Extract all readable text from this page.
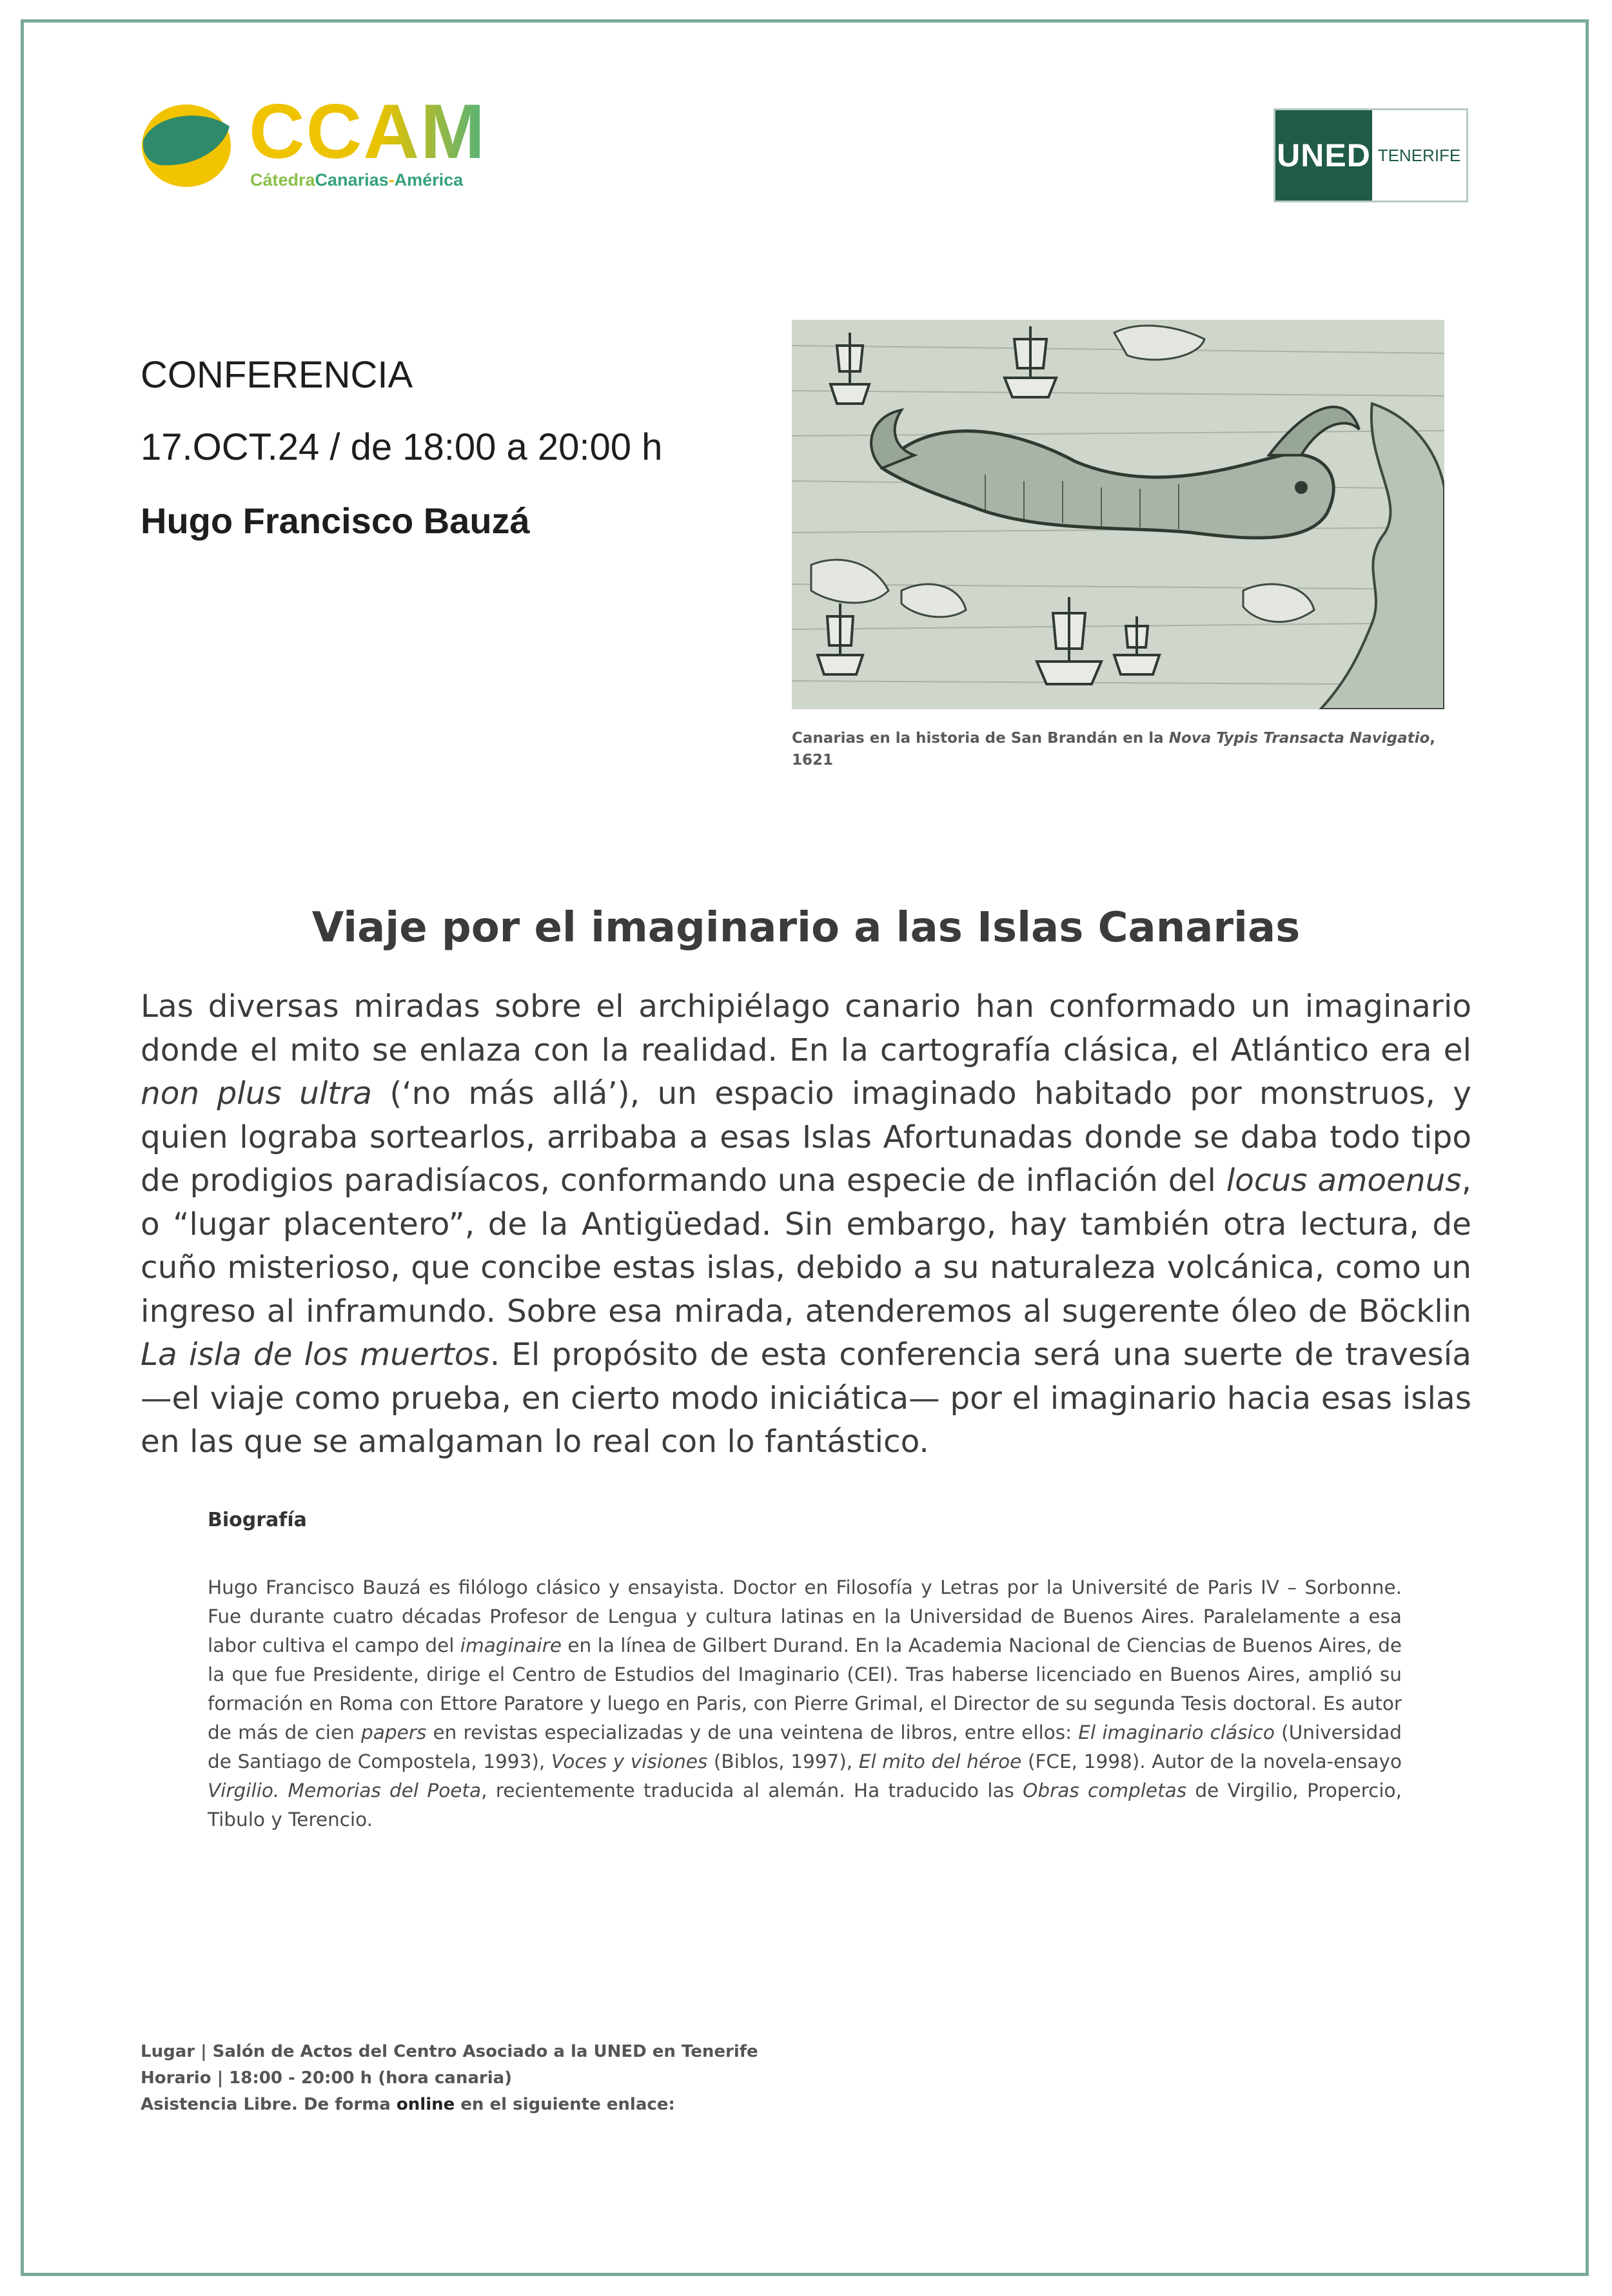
CCAM
CátedraCanarias-América
UNED TENERIFE
CONFERENCIA
17.OCT.24 / de 18:00 a 20:00 h
Hugo Francisco Bauzá
Canarias en la historia de San Brandán en la Nova Typis Transacta Navigatio, 1621
Viaje por el imaginario a las Islas Canarias
Las diversas miradas sobre el archipiélago canario han conformado un imaginario donde el mito se enlaza con la realidad. En la cartografía clásica, el Atlántico era el non plus ultra (‘no más allá’), un espacio imaginado habitado por monstruos, y quien lograba sortearlos, arribaba a esas Islas Afortunadas donde se daba todo tipo de prodigios paradisíacos, conformando una especie de inflación del locus amoenus, o “lugar placentero”, de la Antigüedad. Sin embargo, hay también otra lectura, de cuño misterioso, que concibe estas islas, debido a su naturaleza volcánica, como un ingreso al inframundo. Sobre esa mirada, atenderemos al sugerente óleo de Böcklin La isla de los muertos. El propósito de esta conferencia será una suerte de travesía —el viaje como prueba, en cierto modo iniciática— por el imaginario hacia esas islas en las que se amalgaman lo real con lo fantástico.
Biografía
Hugo Francisco Bauzá es filólogo clásico y ensayista. Doctor en Filosofía y Letras por la Université de Paris IV – Sorbonne. Fue durante cuatro décadas Profesor de Lengua y cultura latinas en la Universidad de Buenos Aires. Paralelamente a esa labor cultiva el campo del imaginaire en la línea de Gilbert Durand. En la Academia Nacional de Ciencias de Buenos Aires, de la que fue Presidente, dirige el Centro de Estudios del Imaginario (CEI). Tras haberse licenciado en Buenos Aires, amplió su formación en Roma con Ettore Paratore y luego en Paris, con Pierre Grimal, el Director de su segunda Tesis doctoral. Es autor de más de cien papers en revistas especializadas y de una veintena de libros, entre ellos: El imaginario clásico (Universidad de Santiago de Compostela, 1993), Voces y visiones (Biblos, 1997), El mito del héroe (FCE, 1998). Autor de la novela-ensayo Virgilio. Memorias del Poeta, recientemente traducida al alemán. Ha traducido las Obras completas de Virgilio, Propercio, Tibulo y Terencio.
Lugar | Salón de Actos del Centro Asociado a la UNED en Tenerife
Horario | 18:00 - 20:00 h (hora canaria)
Asistencia Libre. De forma online en el siguiente enlace:
